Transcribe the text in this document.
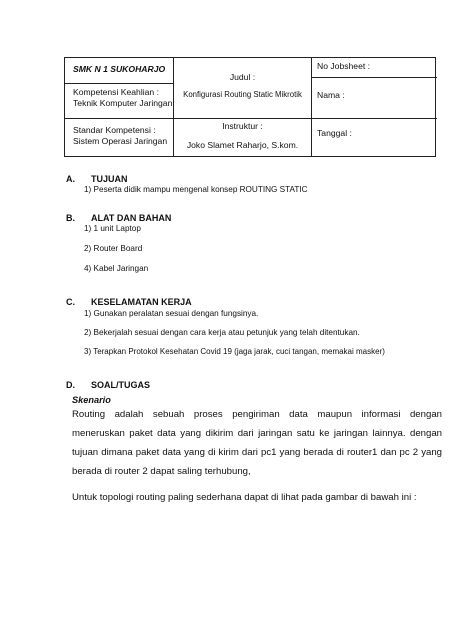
SMK N 1 SUKOHARJO
Kompetensi Keahlian :
Teknik Komputer Jaringan
Standar Kompetensi :
Sistem Operasi Jaringan
Judul :
Konfigurasi Routing Static Mikrotik
Instruktur :
Joko Slamet Raharjo, S.kom.
No Jobsheet :
Nama :
Tanggal :
A. TUJUAN
1) Peserta didik mampu mengenal konsep ROUTING STATIC
B. ALAT DAN BAHAN
1) 1 unit Laptop
2) Router Board
4) Kabel Jaringan
C. KESELAMATAN KERJA
1) Gunakan peralatan sesuai dengan fungsinya.
2) Bekerjalah sesuai dengan cara kerja atau petunjuk yang telah ditentukan.
3) Terapkan Protokol Kesehatan Covid 19 (jaga jarak, cuci tangan, memakai masker)
D. SOAL/TUGAS
Skenario
Routing adalah sebuah proses pengiriman data maupun informasi dengan meneruskan paket data yang dikirim dari jaringan satu ke jaringan lainnya. dengan tujuan dimana paket data yang di kirim dari pc1 yang berada di router1 dan pc 2 yang berada di router 2 dapat saling terhubung,
Untuk topologi routing paling sederhana dapat di lihat pada gambar di bawah ini :
